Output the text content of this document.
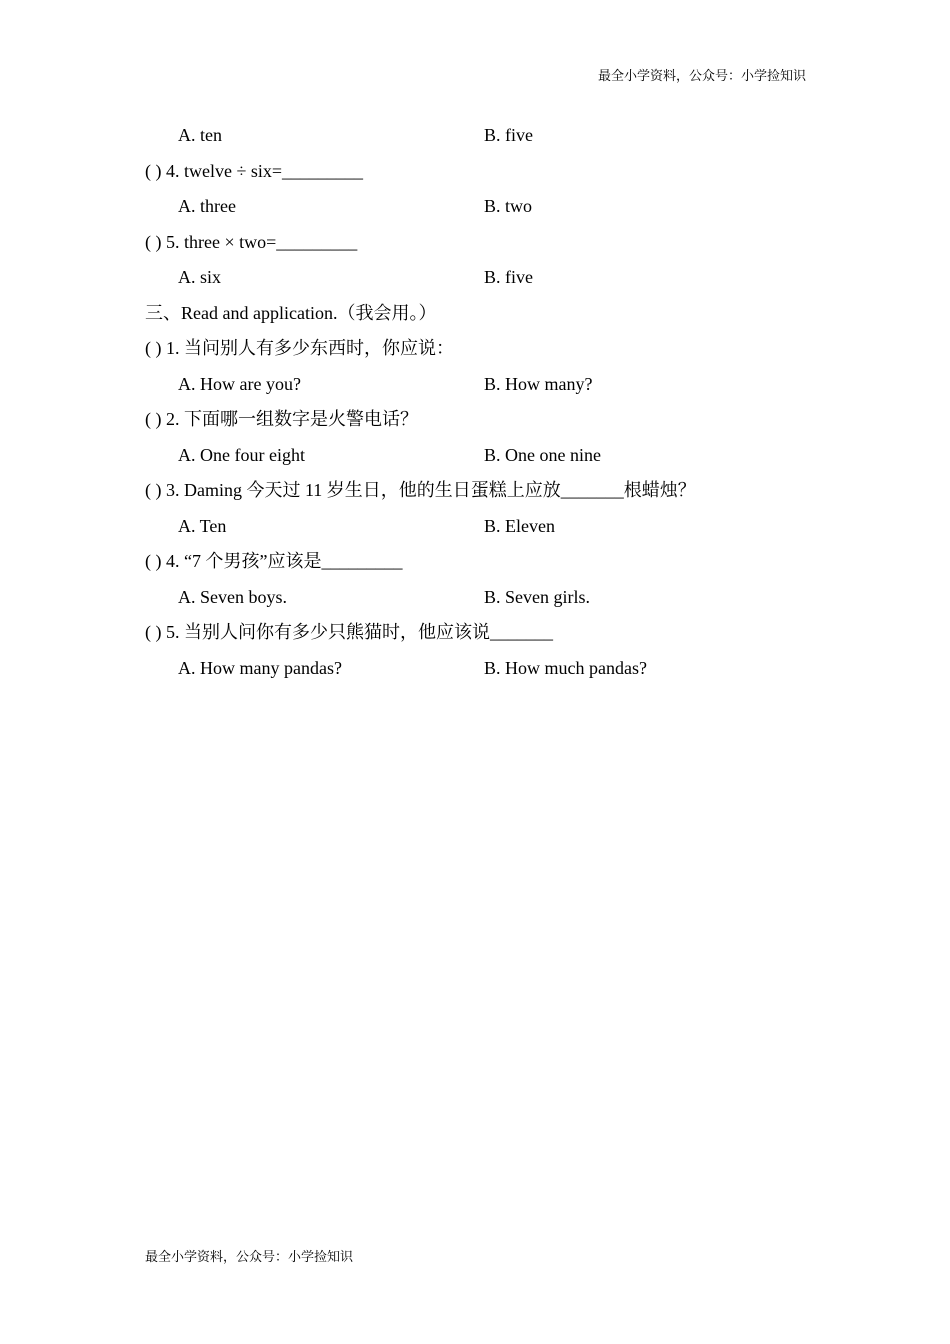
最全小学资料，公众号：小学捡知识
A. ten	B. five
( ) 4. twelve ÷ six=_________
A. three	B. two
( ) 5. three × two=_________
A. six	B. five
三、Read and application.（我会用。）
( ) 1. 当问别人有多少东西时，你应说：
A. How are you?	B. How many?
( ) 2. 下面哪一组数字是火警电话？
A. One four eight	B. One one nine
( ) 3. Daming 今天过 11 岁生日，他的生日蛋糕上应放_______根蜡烛？
A. Ten	B. Eleven
( ) 4. “7 个男孩”应该是_________
A. Seven boys.	B. Seven girls.
( ) 5. 当别人问你有多少只熊猫时，他应该说_______
A. How many pandas?	B. How much pandas?
最全小学资料，公众号：小学捡知识
